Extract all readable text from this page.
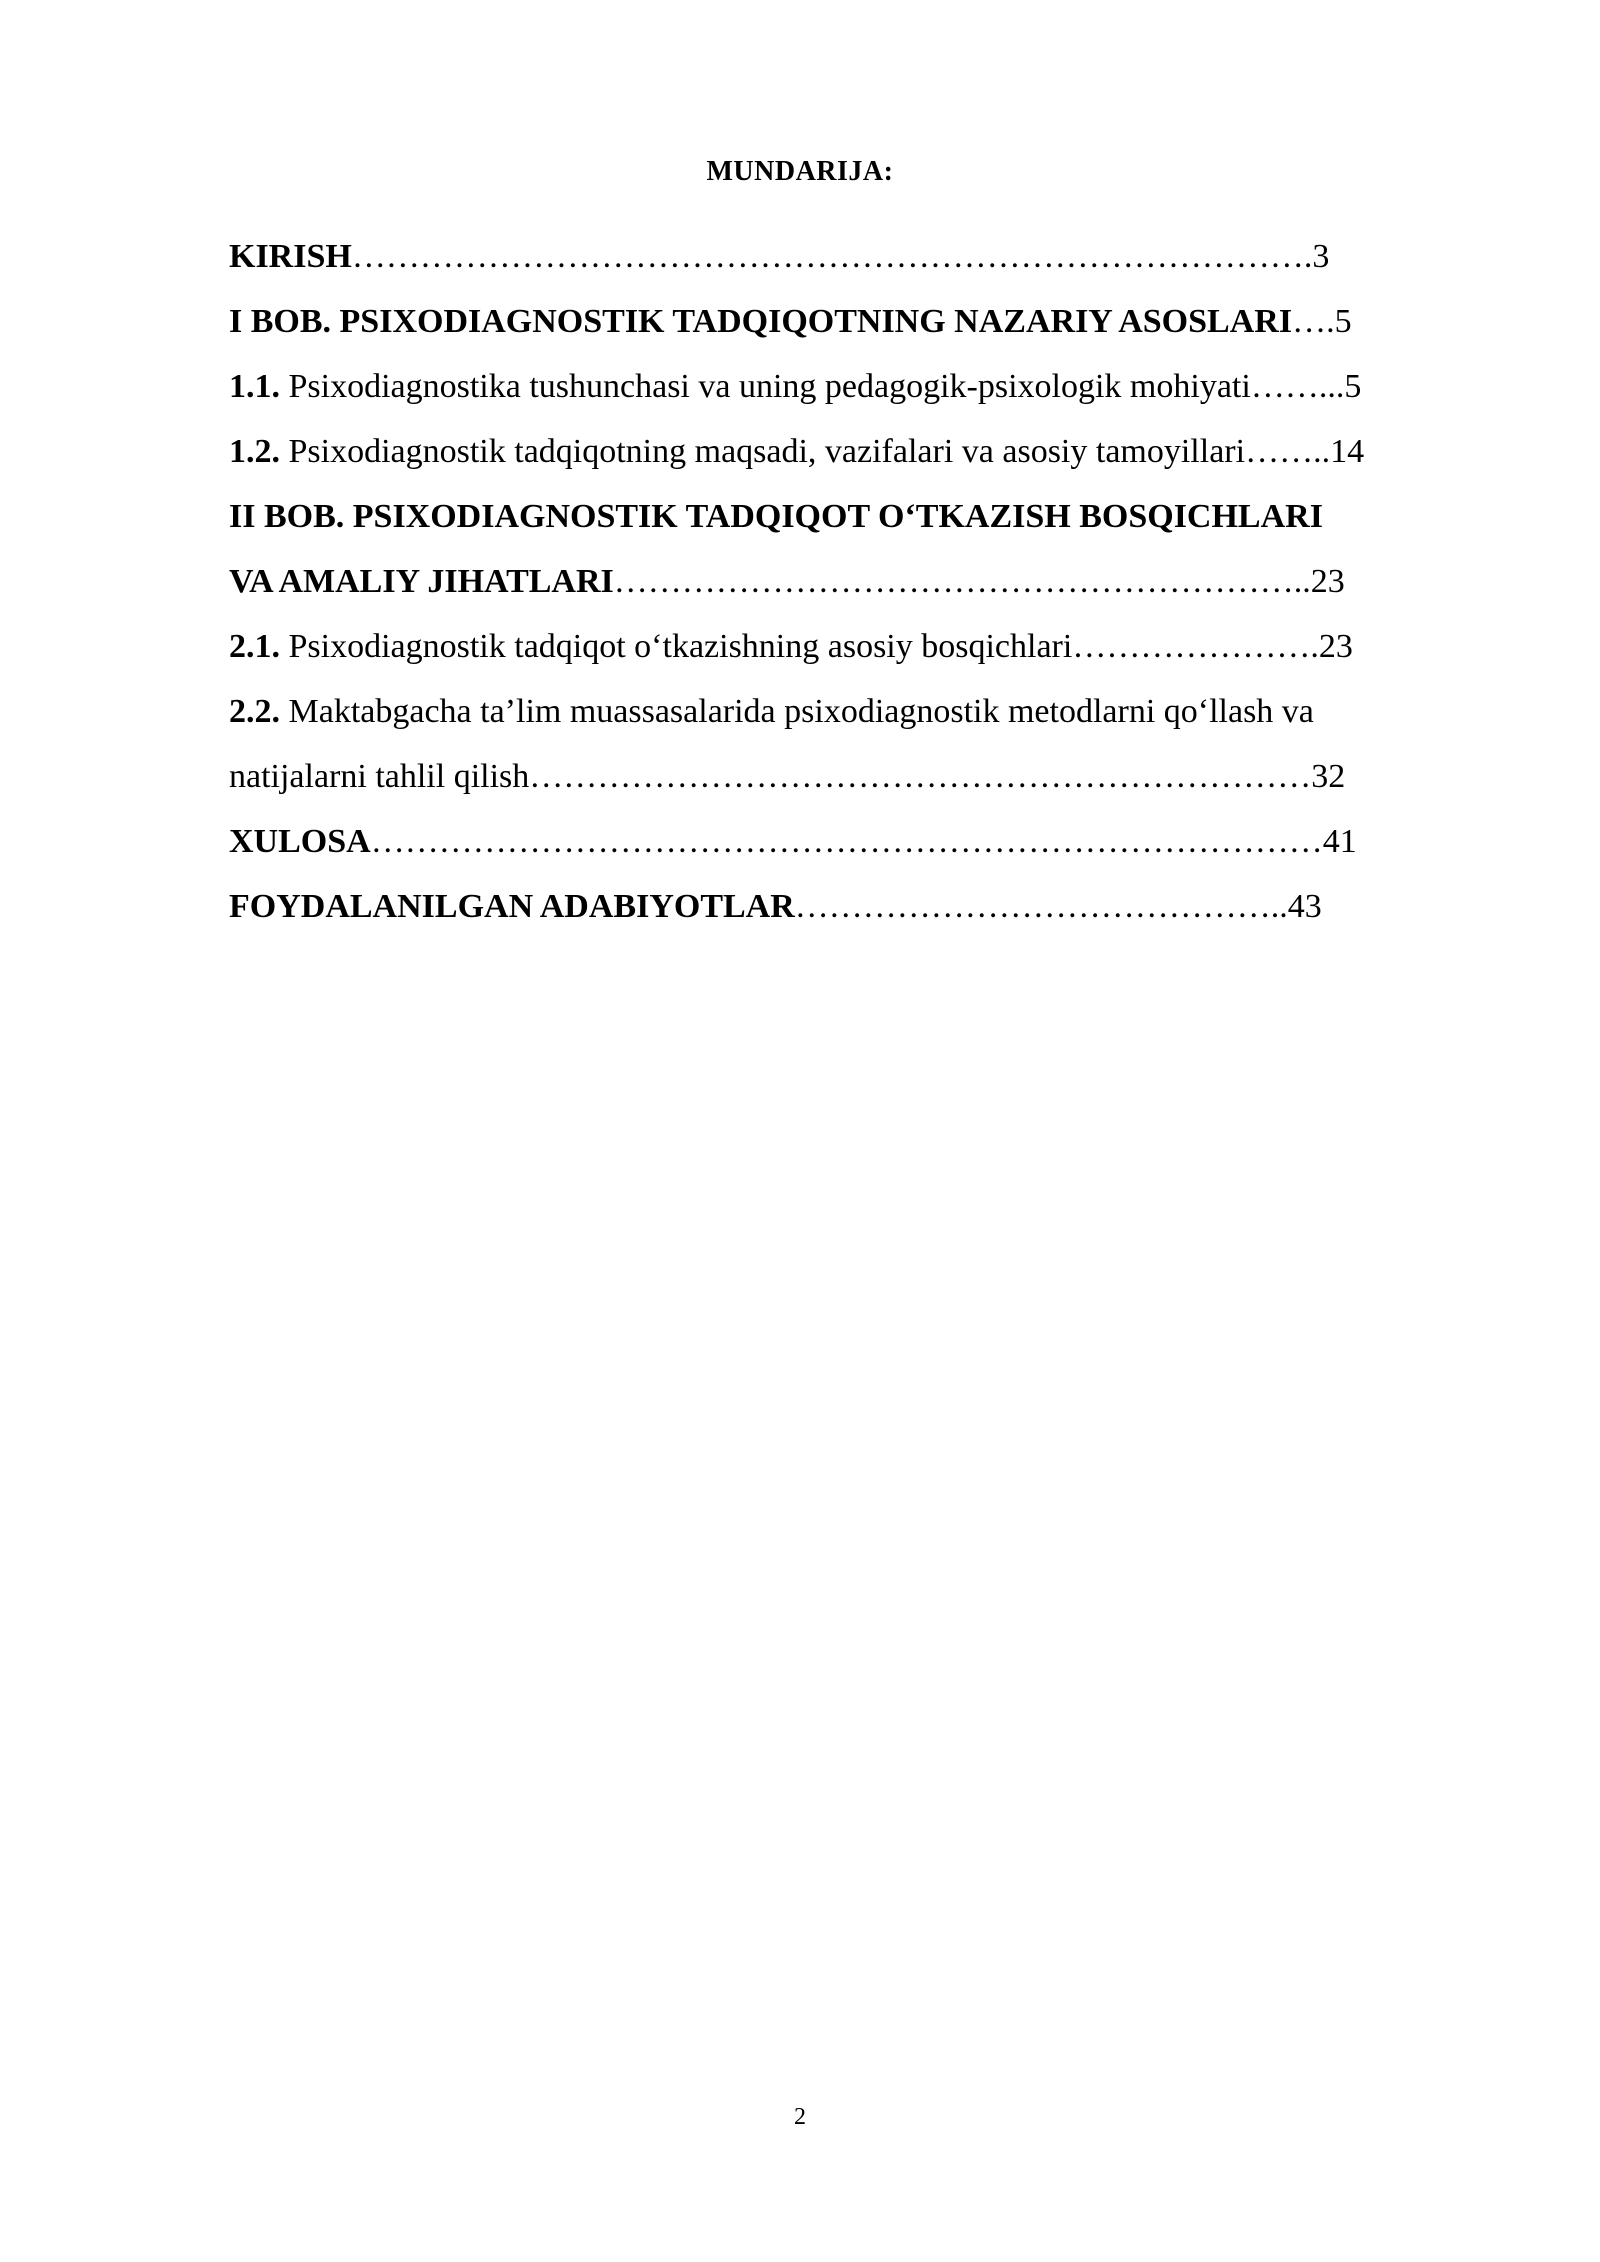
MUNDARIJA:
KIRISH………………………………………………………………………….3
I BOB. PSIXODIAGNOSTIK TADQIQOTNING NAZARIY ASOSLARI….5
1.1. Psixodiagnostika tushunchasi va uning pedagogik-psixologik mohiyati……...5
1.2. Psixodiagnostik tadqiqotning maqsadi, vazifalari va asosiy tamoyillari……..14
II BOB. PSIXODIAGNOSTIK TADQIQOT O‘TKAZISH BOSQICHLARI
VA AMALIY JIHATLARI……………………………………………………..23
2.1. Psixodiagnostik tadqiqot o‘tkazishning asosiy bosqichlari………………….23
2.2. Maktabgacha ta’lim muassasalarida psixodiagnostik metodlarni qo‘llash va
natijalarni tahlil qilish……………………………………………………………32
XULOSA…………………………………………………………………………41
FOYDALANILGAN ADABIYOTLAR……………………………………..43
2
